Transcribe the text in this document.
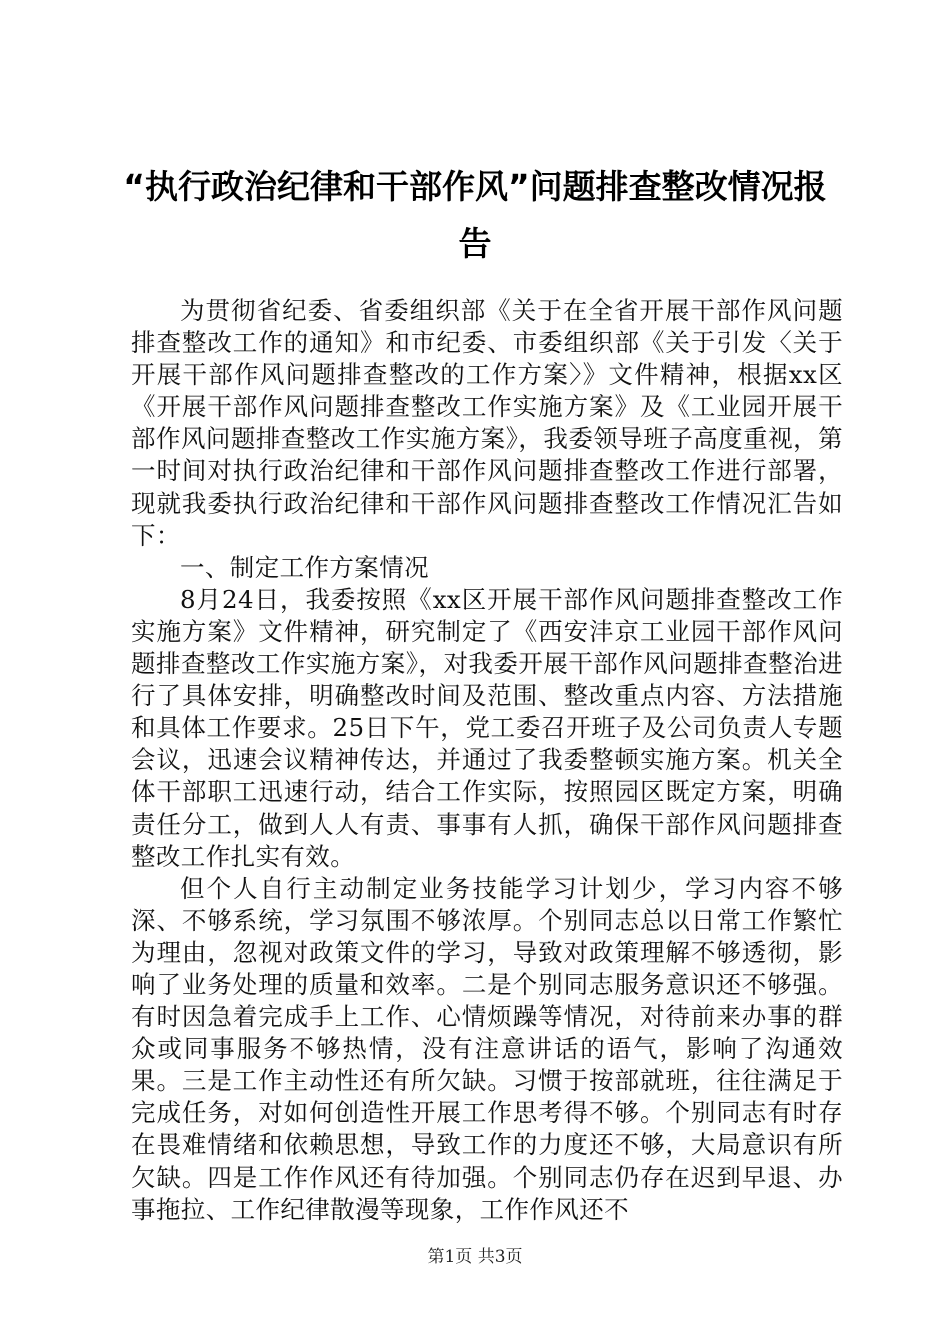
“执行政治纪律和干部作风”问题排查整改情况报告

为贯彻省纪委、省委组织部《关于在全省开展干部作风问题排查整改工作的通知》和市纪委、市委组织部《关于引发〈关于开展干部作风问题排查整改的工作方案〉》文件精神，根据xx区《开展干部作风问题排查整改工作实施方案》及《工业园开展干部作风问题排查整改工作实施方案》，我委领导班子高度重视，第一时间对执行政治纪律和干部作风问题排查整改工作进行部署，现就我委执行政治纪律和干部作风问题排查整改工作情况汇告如下：

一、制定工作方案情况

8月24日，我委按照《xx区开展干部作风问题排查整改工作实施方案》文件精神，研究制定了《西安沣京工业园干部作风问题排查整改工作实施方案》，对我委开展干部作风问题排查整治进行了具体安排，明确整改时间及范围、整改重点内容、方法措施和具体工作要求。25日下午，党工委召开班子及公司负责人专题会议，迅速会议精神传达，并通过了我委整顿实施方案。机关全体干部职工迅速行动，结合工作实际，按照园区既定方案，明确责任分工，做到人人有责、事事有人抓，确保干部作风问题排查整改工作扎实有效。

但个人自行主动制定业务技能学习计划少，学习内容不够深、不够系统，学习氛围不够浓厚。个别同志总以日常工作繁忙为理由，忽视对政策文件的学习，导致对政策理解不够透彻，影响了业务处理的质量和效率。二是个别同志服务意识还不够强。有时因急着完成手上工作、心情烦躁等情况，对待前来办事的群众或同事服务不够热情，没有注意讲话的语气，影响了沟通效果。三是工作主动性还有所欠缺。习惯于按部就班，往往满足于完成任务，对如何创造性开展工作思考得不够。个别同志有时存在畏难情绪和依赖思想，导致工作的力度还不够，大局意识有所欠缺。四是工作作风还有待加强。个别同志仍存在迟到早退、办事拖拉、工作纪律散漫等现象，工作作风还不

第1页 共3页
